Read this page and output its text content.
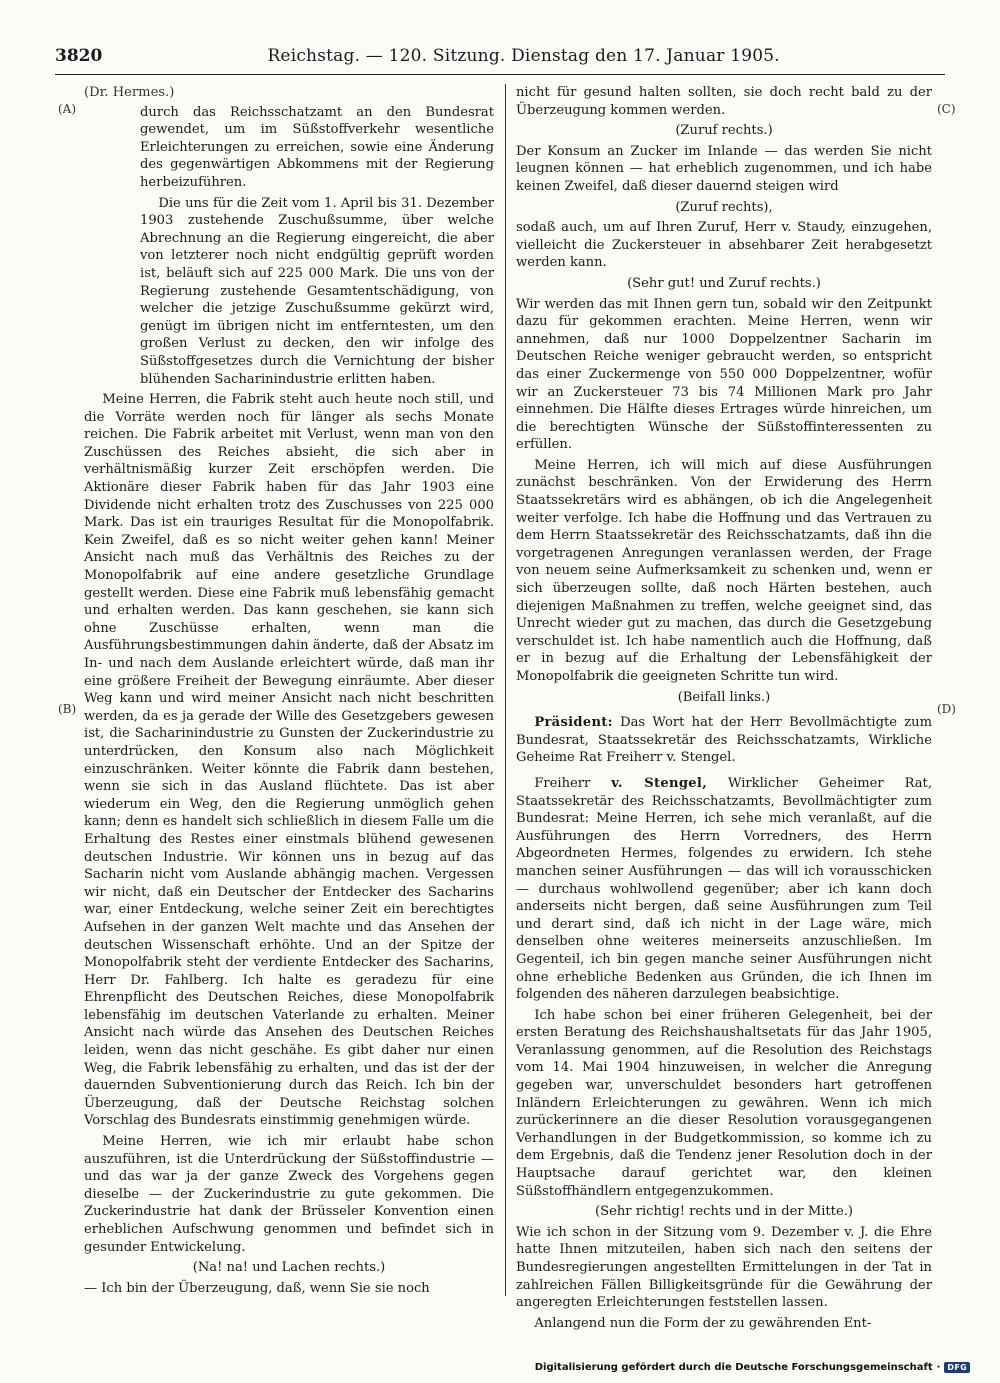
3820	Reichstag. — 120. Sitzung. Dienstag den 17. Januar 1905.
(A)
(B)
(C)
(D)

(Dr. Hermes.)

durch das Reichsschatzamt an den Bundesrat gewendet, um im Süßstoffverkehr wesentliche Erleichterungen zu erreichen, sowie eine Änderung des gegenwärtigen Abkommens mit der Regierung herbeizuführen.

Die uns für die Zeit vom 1. April bis 31. Dezember 1903 zustehende Zuschußsumme, über welche Abrechnung an die Regierung eingereicht, die aber von letzterer noch nicht endgültig geprüft worden ist, beläuft sich auf 225 000 Mark. Die uns von der Regierung zustehende Gesamtentschädigung, von welcher die jetzige Zuschußsumme gekürzt wird, genügt im übrigen nicht im entferntesten, um den großen Verlust zu decken, den wir infolge des Süßstoffgesetzes durch die Vernichtung der bisher blühenden Sacharinindustrie erlitten haben.

Meine Herren, die Fabrik steht auch heute noch still, und die Vorräte werden noch für länger als sechs Monate reichen. Die Fabrik arbeitet mit Verlust, wenn man von den Zuschüssen des Reiches absieht, die sich aber in verhältnismäßig kurzer Zeit erschöpfen werden. Die Aktionäre dieser Fabrik haben für das Jahr 1903 eine Dividende nicht erhalten trotz des Zuschusses von 225 000 Mark. Das ist ein trauriges Resultat für die Monopolfabrik. Kein Zweifel, daß es so nicht weiter gehen kann! Meiner Ansicht nach muß das Verhältnis des Reiches zu der Monopolfabrik auf eine andere gesetzliche Grundlage gestellt werden. Diese eine Fabrik muß lebensfähig gemacht und erhalten werden. Das kann geschehen, sie kann sich ohne Zuschüsse erhalten, wenn man die Ausführungsbestimmungen dahin änderte, daß der Absatz im In- und nach dem Auslande erleichtert würde, daß man ihr eine größere Freiheit der Bewegung einräumte. Aber dieser Weg kann und wird meiner Ansicht nach nicht beschritten werden, da es ja gerade der Wille des Gesetzgebers gewesen ist, die Sacharinindustrie zu Gunsten der Zuckerindustrie zu unterdrücken, den Konsum also nach Möglichkeit einzuschränken. Weiter könnte die Fabrik dann bestehen, wenn sie sich in das Ausland flüchtete. Das ist aber wiederum ein Weg, den die Regierung unmöglich gehen kann; denn es handelt sich schließlich in diesem Falle um die Erhaltung des Restes einer einstmals blühend gewesenen deutschen Industrie. Wir können uns in bezug auf das Sacharin nicht vom Auslande abhängig machen. Vergessen wir nicht, daß ein Deutscher der Entdecker des Sacharins war, einer Entdeckung, welche seiner Zeit ein berechtigtes Aufsehen in der ganzen Welt machte und das Ansehen der deutschen Wissenschaft erhöhte. Und an der Spitze der Monopolfabrik steht der verdiente Entdecker des Sacharins, Herr Dr. Fahlberg. Ich halte es geradezu für eine Ehrenpflicht des Deutschen Reiches, diese Monopolfabrik lebensfähig im deutschen Vaterlande zu erhalten. Meiner Ansicht nach würde das Ansehen des Deutschen Reiches leiden, wenn das nicht geschähe. Es gibt daher nur einen Weg, die Fabrik lebensfähig zu erhalten, und das ist der der dauernden Subventionierung durch das Reich. Ich bin der Überzeugung, daß der Deutsche Reichstag solchen Vorschlag des Bundesrats einstimmig genehmigen würde.

Meine Herren, wie ich mir erlaubt habe schon auszuführen, ist die Unterdrückung der Süßstoffindustrie — und das war ja der ganze Zweck des Vorgehens gegen dieselbe — der Zuckerindustrie zu gute gekommen. Die Zuckerindustrie hat dank der Brüsseler Konvention einen erheblichen Aufschwung genommen und befindet sich in gesunder Entwickelung.

(Na! na! und Lachen rechts.)

— Ich bin der Überzeugung, daß, wenn Sie sie noch

nicht für gesund halten sollten, sie doch recht bald zu der Überzeugung kommen werden.

(Zuruf rechts.)

Der Konsum an Zucker im Inlande — das werden Sie nicht leugnen können — hat erheblich zugenommen, und ich habe keinen Zweifel, daß dieser dauernd steigen wird

(Zuruf rechts),

sodaß auch, um auf Ihren Zuruf, Herr v. Staudy, einzugehen, vielleicht die Zuckersteuer in absehbarer Zeit herabgesetzt werden kann.

(Sehr gut! und Zuruf rechts.)

Wir werden das mit Ihnen gern tun, sobald wir den Zeitpunkt dazu für gekommen erachten. Meine Herren, wenn wir annehmen, daß nur 1000 Doppelzentner Sacharin im Deutschen Reiche weniger gebraucht werden, so entspricht das einer Zuckermenge von 550 000 Doppelzentner, wofür wir an Zuckersteuer 73 bis 74 Millionen Mark pro Jahr einnehmen. Die Hälfte dieses Ertrages würde hinreichen, um die berechtigten Wünsche der Süßstoffinteressenten zu erfüllen.

Meine Herren, ich will mich auf diese Ausführungen zunächst beschränken. Von der Erwiderung des Herrn Staatssekretärs wird es abhängen, ob ich die Angelegenheit weiter verfolge. Ich habe die Hoffnung und das Vertrauen zu dem Herrn Staatssekretär des Reichsschatzamts, daß ihn die vorgetragenen Anregungen veranlassen werden, der Frage von neuem seine Aufmerksamkeit zu schenken und, wenn er sich überzeugen sollte, daß noch Härten bestehen, auch diejenigen Maßnahmen zu treffen, welche geeignet sind, das Unrecht wieder gut zu machen, das durch die Gesetzgebung verschuldet ist. Ich habe namentlich auch die Hoffnung, daß er in bezug auf die Erhaltung der Lebensfähigkeit der Monopolfabrik die geeigneten Schritte tun wird.

(Beifall links.)

Präsident: Das Wort hat der Herr Bevollmächtigte zum Bundesrat, Staatssekretär des Reichsschatzamts, Wirkliche Geheime Rat Freiherr v. Stengel.

Freiherr v. Stengel, Wirklicher Geheimer Rat, Staatssekretär des Reichsschatzamts, Bevollmächtigter zum Bundesrat: Meine Herren, ich sehe mich veranlaßt, auf die Ausführungen des Herrn Vorredners, des Herrn Abgeordneten Hermes, folgendes zu erwidern. Ich stehe manchen seiner Ausführungen — das will ich vorausschicken — durchaus wohlwollend gegenüber; aber ich kann doch anderseits nicht bergen, daß seine Ausführungen zum Teil und derart sind, daß ich nicht in der Lage wäre, mich denselben ohne weiteres meinerseits anzuschließen. Im Gegenteil, ich bin gegen manche seiner Ausführungen nicht ohne erhebliche Bedenken aus Gründen, die ich Ihnen im folgenden des näheren darzulegen beabsichtige.

Ich habe schon bei einer früheren Gelegenheit, bei der ersten Beratung des Reichshaushaltsetats für das Jahr 1905, Veranlassung genommen, auf die Resolution des Reichstags vom 14. Mai 1904 hinzuweisen, in welcher die Anregung gegeben war, unverschuldet besonders hart getroffenen Inländern Erleichterungen zu gewähren. Wenn ich mich zurückerinnere an die dieser Resolution vorausgegangenen Verhandlungen in der Budgetkommission, so komme ich zu dem Ergebnis, daß die Tendenz jener Resolution doch in der Hauptsache darauf gerichtet war, den kleinen Süßstoffhändlern entgegenzukommen.

(Sehr richtig! rechts und in der Mitte.)

Wie ich schon in der Sitzung vom 9. Dezember v. J. die Ehre hatte Ihnen mitzuteilen, haben sich nach den seitens der Bundesregierungen angestellten Ermittelungen in der Tat in zahlreichen Fällen Billigkeitsgründe für die Gewährung der angeregten Erleichterungen feststellen lassen.

Anlangend nun die Form der zu gewährenden Ent-

Digitalisierung gefördert durch die Deutsche Forschungsgemeinschaft · DFG
